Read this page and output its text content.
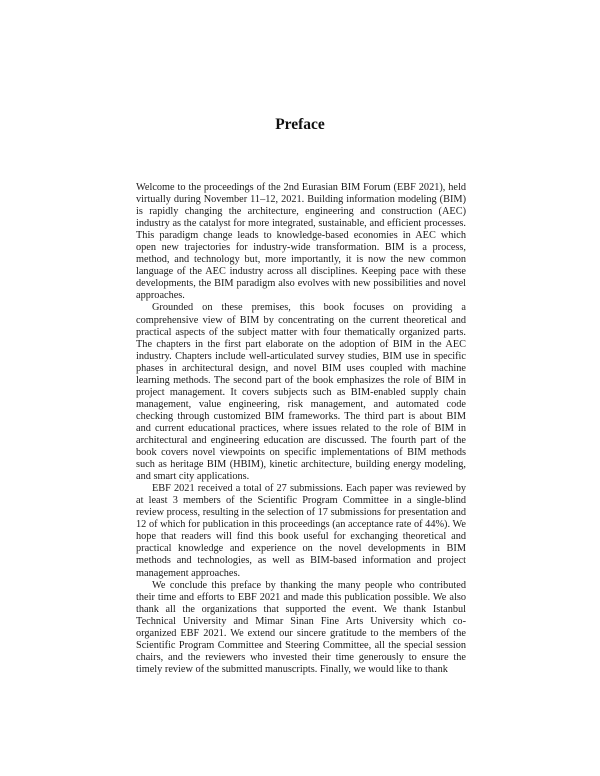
Preface

Welcome to the proceedings of the 2nd Eurasian BIM Forum (EBF 2021), held virtually during November 11–12, 2021. Building information modeling (BIM) is rapidly changing the architecture, engineering and construction (AEC) industry as the catalyst for more integrated, sustainable, and efficient processes. This paradigm change leads to knowledge-based economies in AEC which open new trajectories for industry-wide transformation. BIM is a process, method, and technology but, more importantly, it is now the new common language of the AEC industry across all disciplines. Keeping pace with these developments, the BIM paradigm also evolves with new possibilities and novel approaches.

Grounded on these premises, this book focuses on providing a comprehensive view of BIM by concentrating on the current theoretical and practical aspects of the subject matter with four thematically organized parts. The chapters in the first part elaborate on the adoption of BIM in the AEC industry. Chapters include well-articulated survey studies, BIM use in specific phases in architectural design, and novel BIM uses coupled with machine learning methods. The second part of the book emphasizes the role of BIM in project management. It covers subjects such as BIM-enabled supply chain management, value engineering, risk management, and automated code checking through customized BIM frameworks. The third part is about BIM and current educational practices, where issues related to the role of BIM in architectural and engineering education are discussed. The fourth part of the book covers novel viewpoints on specific implementations of BIM methods such as heritage BIM (HBIM), kinetic architecture, building energy modeling, and smart city applications.

EBF 2021 received a total of 27 submissions. Each paper was reviewed by at least 3 members of the Scientific Program Committee in a single-blind review process, resulting in the selection of 17 submissions for presentation and 12 of which for publication in this proceedings (an acceptance rate of 44%). We hope that readers will find this book useful for exchanging theoretical and practical knowledge and experience on the novel developments in BIM methods and technologies, as well as BIM-based information and project management approaches.

We conclude this preface by thanking the many people who contributed their time and efforts to EBF 2021 and made this publication possible. We also thank all the organizations that supported the event. We thank Istanbul Technical University and Mimar Sinan Fine Arts University which co-organized EBF 2021. We extend our sincere gratitude to the members of the Scientific Program Committee and Steering Committee, all the special session chairs, and the reviewers who invested their time generously to ensure the timely review of the submitted manuscripts. Finally, we would like to thank
